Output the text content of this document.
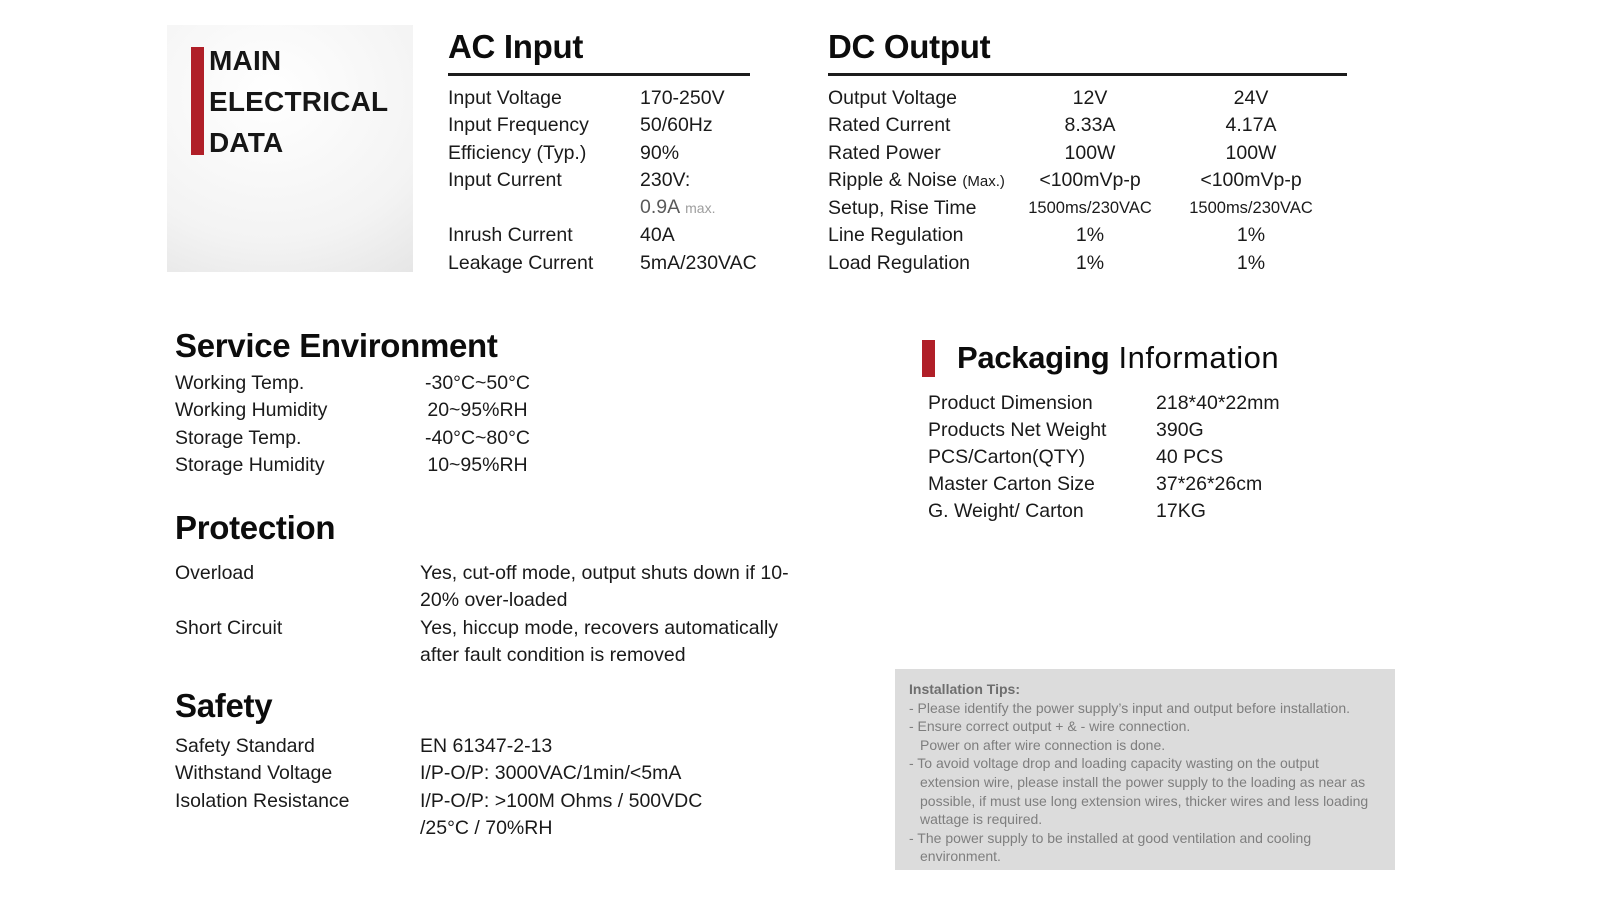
MAIN
ELECTRICAL
DATA
AC Input
Input Voltage	170-250V
Input Frequency	50/60Hz
Efficiency (Typ.)	90%
Input Current	230V: 0.9A max.
Inrush Current	40A
Leakage Current	5mA/230VAC
DC Output
Output Voltage	12V	24V
Rated Current	8.33A	4.17A
Rated Power	100W	100W
Ripple & Noise (Max.)	<100mVp-p	<100mVp-p
Setup, Rise Time	1500ms/230VAC	1500ms/230VAC
Line Regulation	1%	1%
Load Regulation	1%	1%
Service Environment
Working Temp.	-30°C~50°C
Working Humidity	20~95%RH
Storage Temp.	-40°C~80°C
Storage Humidity	10~95%RH
Protection
Overload	Yes, cut-off mode, output shuts down if 10-20% over-loaded
Short Circuit	Yes, hiccup mode, recovers automatically after fault condition is removed
Safety
Safety Standard	EN 61347-2-13
Withstand Voltage	I/P-O/P: 3000VAC/1min/<5mA
Isolation Resistance	I/P-O/P: >100M Ohms / 500VDC /25°C / 70%RH
Packaging Information
Product Dimension	218*40*22mm
Products Net Weight	390G
PCS/Carton(QTY)	40 PCS
Master Carton Size	37*26*26cm
G. Weight/ Carton	17KG
Installation Tips:
- Please identify the power supply’s input and output before installation.
- Ensure correct output + & - wire connection.
Power on after wire connection is done.
- To avoid voltage drop and loading capacity wasting on the output extension wire, please install the power supply to the loading as near as possible, if must use long extension wires, thicker wires and less loading wattage is required.
- The power supply to be installed at good ventilation and cooling environment.
